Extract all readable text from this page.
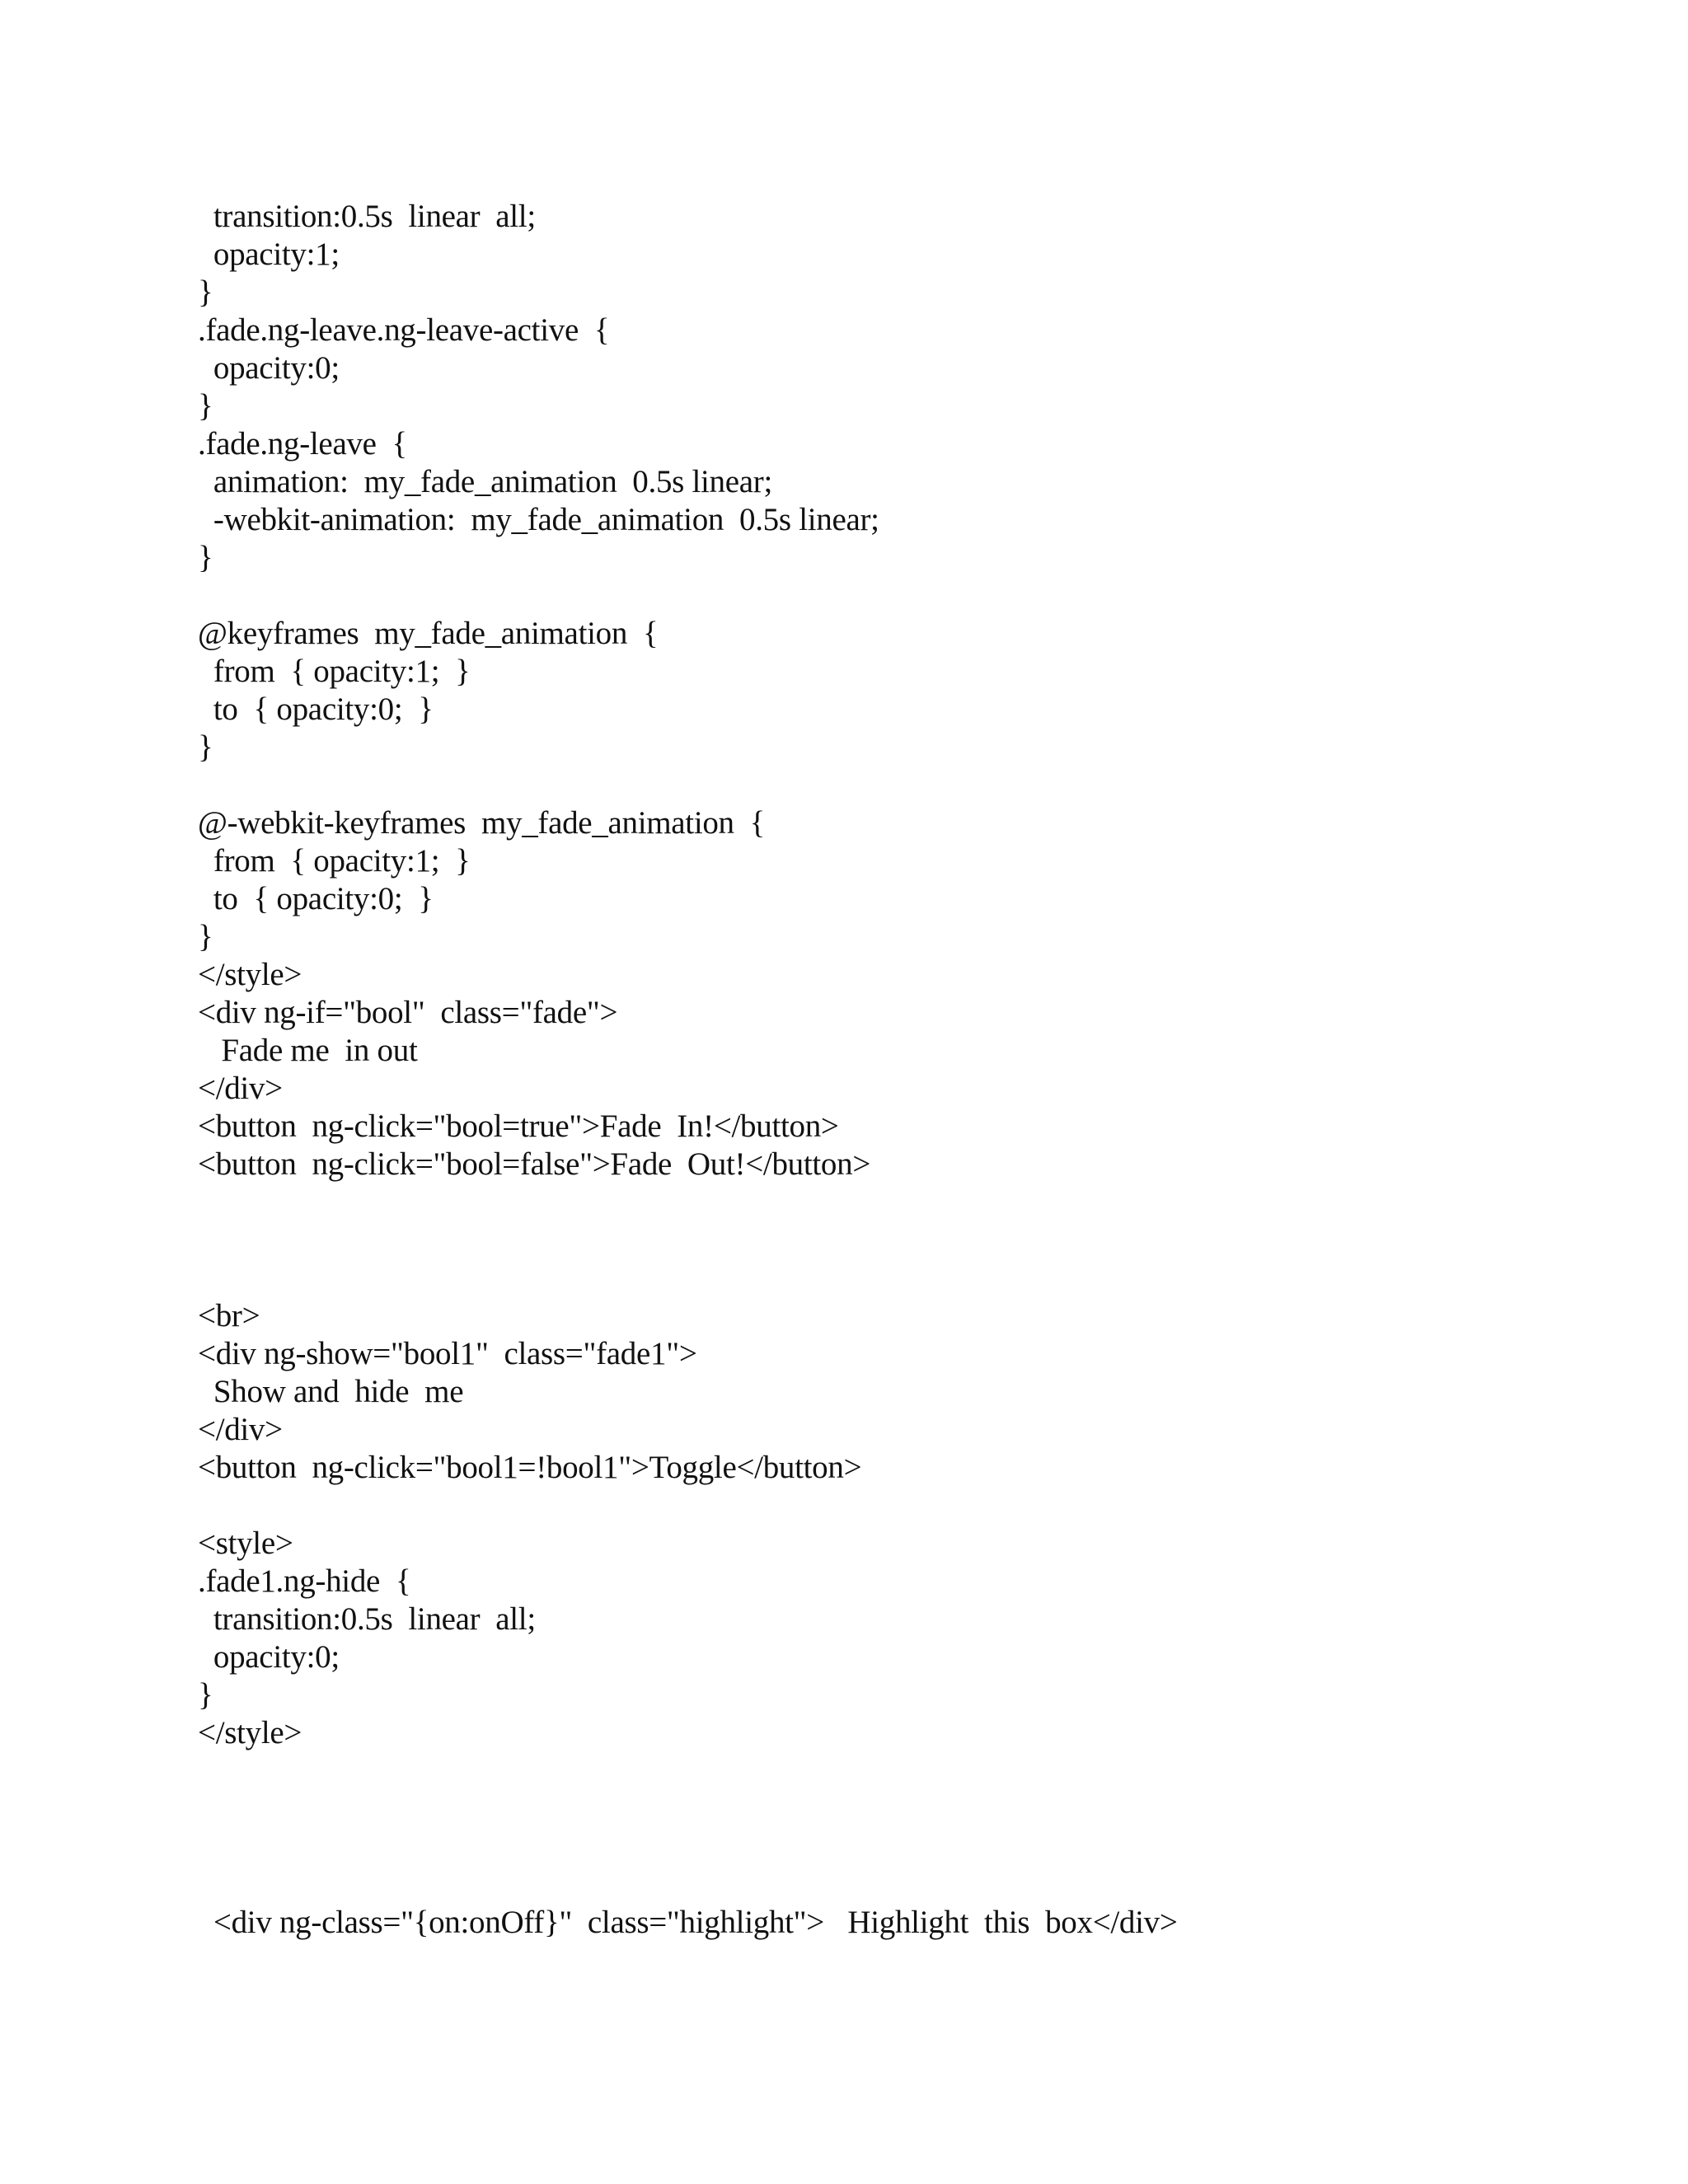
transition:0.5s  linear  all;
opacity:1;
}
.fade.ng-leave.ng-leave-active  {
opacity:0;
}
.fade.ng-leave  {
animation:  my_fade_animation  0.5s linear;
-webkit-animation:  my_fade_animation  0.5s linear;
}
@keyframes  my_fade_animation  {
from  { opacity:1;  }
to  { opacity:0;  }
}
@-webkit-keyframes  my_fade_animation  {
from  { opacity:1;  }
to  { opacity:0;  }
}
</style>
<div ng-if="bool"  class="fade">
Fade me  in out
</div>
<button  ng-click="bool=true">Fade  In!</button>
<button  ng-click="bool=false">Fade  Out!</button>
<br>
<div ng-show="bool1"  class="fade1">
Show and  hide  me
</div>
<button  ng-click="bool1=!bool1">Toggle</button>
<style>
.fade1.ng-hide  {
transition:0.5s  linear  all;
opacity:0;
}
</style>
<div ng-class="{on:onOff}"  class="highlight">   Highlight  this  box</div>
